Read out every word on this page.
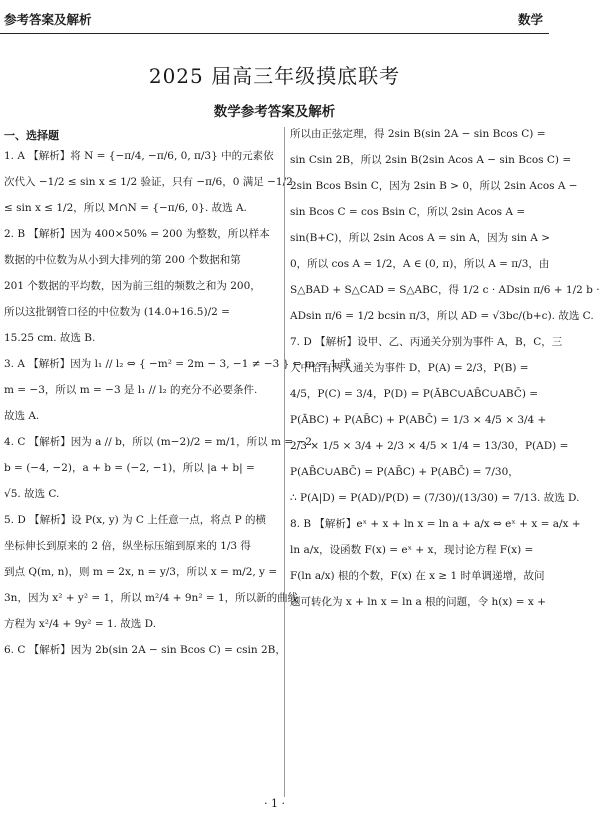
参考答案及解析	数学
2025 届高三年级摸底联考
数学参考答案及解析
一、选择题
1. A 【解析】将 N = {−π/4, −π/6, 0, π/3} 中的元素依
次代入 −1/2 ≤ sin x ≤ 1/2 验证，只有 −π/6，0 满足 −1/2
≤ sin x ≤ 1/2，所以 M∩N = {−π/6, 0}. 故选 A.
2. B 【解析】因为 400×50% = 200 为整数，所以样本
数据的中位数为从小到大排列的第 200 个数据和第
201 个数据的平均数，因为前三组的频数之和为 200，
所以这批钢管口径的中位数为 (14.0+16.5)/2 =
15.25 cm. 故选 B.
3. A 【解析】因为 l₁ // l₂ ⇔ { −m² = 2m − 3, −1 ≠ −3 } ⇔ m = 1 或
m = −3，所以 m = −3 是 l₁ // l₂ 的充分不必要条件.
故选 A.
4. C 【解析】因为 a // b，所以 (m−2)/2 = m/1，所以 m = −2.
b = (−4, −2)，a + b = (−2, −1)，所以 |a + b| =
√5. 故选 C.
5. D 【解析】设 P(x, y) 为 C 上任意一点，将点 P 的横
坐标伸长到原来的 2 倍，纵坐标压缩到原来的 1/3 得
到点 Q(m, n)，则 m = 2x, n = y/3，所以 x = m/2, y =
3n，因为 x² + y² = 1，所以 m²/4 + 9n² = 1，所以新的曲线
方程为 x²/4 + 9y² = 1. 故选 D.
6. C 【解析】因为 2b(sin 2A − sin Bcos C) = csin 2B，
所以由正弦定理，得 2sin B(sin 2A − sin Bcos C) =
sin Csin 2B，所以 2sin B(2sin Acos A − sin Bcos C) =
2sin Bcos Bsin C，因为 2sin B > 0，所以 2sin Acos A −
sin Bcos C = cos Bsin C，所以 2sin Acos A =
sin(B+C)，所以 2sin Acos A = sin A，因为 sin A >
0，所以 cos A = 1/2，A ∈ (0, π)，所以 A = π/3，由
S△BAD + S△CAD = S△ABC，得 1/2 c · ADsin π/6 + 1/2 b ·
ADsin π/6 = 1/2 bcsin π/3，所以 AD = √3bc/(b+c). 故选 C.
7. D 【解析】设甲、乙、丙通关分别为事件 A，B，C，三
人中恰有两人通关为事件 D，P(A) = 2/3，P(B) =
4/5，P(C) = 3/4，P(D) = P(ĀBC∪AB̄C∪ABC̄) =
P(ĀBC) + P(AB̄C) + P(ABC̄) = 1/3 × 4/5 × 3/4 +
2/3 × 1/5 × 3/4 + 2/3 × 4/5 × 1/4 = 13/30，P(AD) =
P(AB̄C∪ABC̄) = P(AB̄C) + P(ABC̄) = 7/30，
∴ P(A|D) = P(AD)/P(D) = (7/30)/(13/30) = 7/13. 故选 D.
8. B 【解析】eˣ + x + ln x = ln a + a/x ⇔ eˣ + x = a/x +
ln a/x，设函数 F(x) = eˣ + x，现讨论方程 F(x) =
F(ln a/x) 根的个数，F(x) 在 x ≥ 1 时单调递增，故问
题可转化为 x + ln x = ln a 根的问题，令 h(x) = x +
· 1 ·
